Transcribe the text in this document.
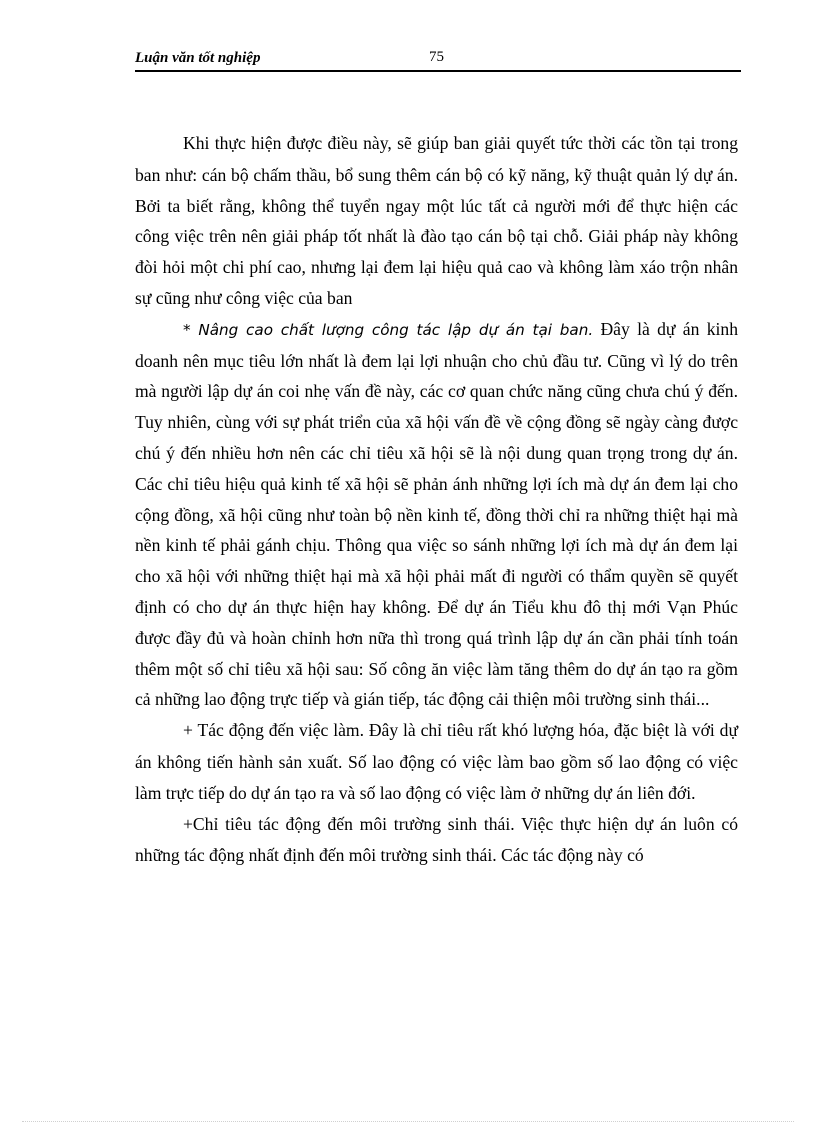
Luận văn tốt nghiệp	75

Khi thực hiện được điều này, sẽ giúp ban giải quyết tức thời các tồn tại trong ban như: cán bộ chấm thầu, bổ sung thêm cán bộ có kỹ năng, kỹ thuật quản lý dự án. Bởi ta biết rằng, không thể tuyển ngay một lúc tất cả người mới để thực hiện các công việc trên nên giải pháp tốt nhất là đào tạo cán bộ tại chỗ. Giải pháp này không đòi hỏi một chi phí cao, nhưng lại đem lại hiệu quả cao và không làm xáo trộn nhân sự cũng như công việc của ban

* Nâng cao chất lượng công tác lập dự án tại ban. Đây là dự án kinh doanh nên mục tiêu lớn nhất là đem lại lợi nhuận cho chủ đầu tư. Cũng vì lý do trên mà người lập dự án coi nhẹ vấn đề này, các cơ quan chức năng cũng chưa chú ý đến. Tuy nhiên, cùng với sự phát triển của xã hội vấn đề về cộng đồng sẽ ngày càng được chú ý đến nhiều hơn nên các chỉ tiêu xã hội sẽ là nội dung quan trọng trong dự án. Các chỉ tiêu hiệu quả kinh tế xã hội sẽ phản ánh những lợi ích mà dự án đem lại cho cộng đồng, xã hội cũng như toàn bộ nền kinh tế, đồng thời chỉ ra những thiệt hại mà nền kinh tế phải gánh chịu. Thông qua việc so sánh những lợi ích mà dự án đem lại cho xã hội với những thiệt hại mà xã hội phải mất đi người có thẩm quyền sẽ quyết định có cho dự án thực hiện hay không. Để dự án Tiểu khu đô thị mới Vạn Phúc được đầy đủ và hoàn chỉnh hơn nữa thì trong quá trình lập dự án cần phải tính toán thêm một số chỉ tiêu xã hội sau: Số công ăn việc làm tăng thêm do dự án tạo ra gồm cả những lao động trực tiếp và gián tiếp, tác động cải thiện môi trường sinh thái...

+ Tác động đến việc làm. Đây là chỉ tiêu rất khó lượng hóa, đặc biệt là với dự án không tiến hành sản xuất. Số lao động có việc làm bao gồm số lao động có việc làm trực tiếp do dự án tạo ra và số lao động có việc làm ở những dự án liên đới.

+Chỉ tiêu tác động đến môi trường sinh thái. Việc thực hiện dự án luôn có những tác động nhất định đến môi trường sinh thái. Các tác động này có
